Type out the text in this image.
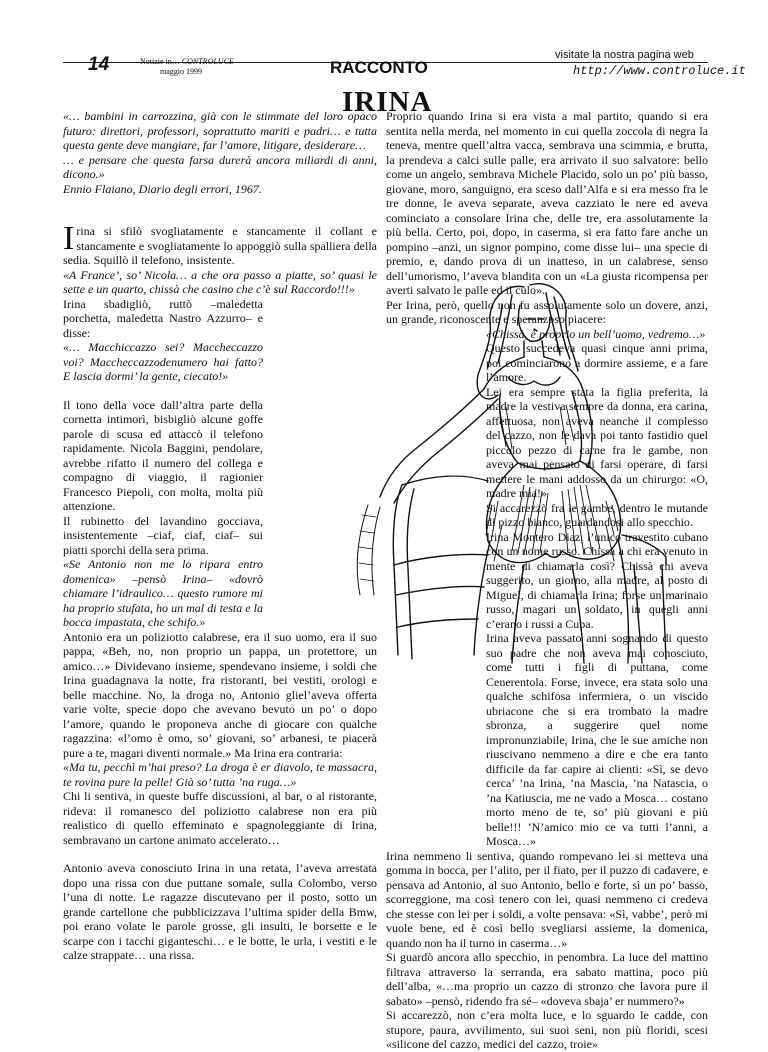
14	Notizie in… CONTROLUCE
maggio 1999	RACCONTO
visitate la nostra pagina web
http://www.controluce.it
IRINA

«… bambini in carrozzina, già con le stimmate del loro opaco futuro: direttori, professori, soprattutto mariti e padri… e tutta questa gente deve mangiare, far l’amore, litigare, desiderare…

… e pensare che questa farsa durerà ancora miliardi di anni, dicono.»

Ennio Flaiano, Diario degli errori, 1967.

Irina si sfilò svogliatamente e stancamente il collant e stancamente e svogliatamente lo appoggiò sulla spalliera della sedia. Squillò il telefono, insistente.

«A France’, so’ Nicola… a che ora passo a piatte, so’ quasi le sette e un quarto, chissà che casino che c’è sul Raccordo!!!»

Irina sbadigliò, ruttò –maledetta porchetta, maledetta Nastro Azzurro– e disse:

«… Macchiccazzo sei? Maccheccazzo voi? Maccheccazzodenumero hai fatto? E lascia dormi’ la gente, ciecato!»

Il tono della voce dall’altra parte della cornetta intimorì, bisbigliò alcune goffe parole di scusa ed attaccò il telefono rapidamente. Nicola Baggini, pendolare, avrebbe rifatto il numero del collega e compagno di viaggio, il ragionier Francesco Piepoli, con molta, molta più attenzione.

Il rubinetto del lavandino gocciava, insistentemente –ciaf, ciaf, ciaf– sui piatti sporchi della sera prima.

«Se Antonio non me lo ripara entro domenica» –pensò Irina– «dovrò chiamare l’idraulico… questo rumore mi ha proprio stufata, ho un mal di testa e la bocca impastata, che schifo.»

Antonio era un poliziotto calabrese, era il suo uomo, era il suo pappa, «Beh, no, non proprio un pappa, un protettore, un amico…» Dividevano insieme, spendevano insieme, i soldi che Irina guadagnava la notte, fra ristoranti, bei vestiti, orologi e belle macchine. No, la droga no, Antonio gliel’aveva offerta varie volte, specie dopo che avevano bevuto un po’ o dopo l’amore, quando le proponeva anche di giocare con qualche ragazzina: «l’omo è omo, so’ giovani, so’ arbanesi, te piacerà pure a te, magari diventi normale.» Ma Irina era contraria:

«Ma tu, pecchì m’hai preso? La droga è er diavolo, te massacra, te rovina pure la pelle! Già so’ tutta ’na ruga…»

Chi li sentiva, in queste buffe discussioni, al bar, o al ristorante, rideva: il romanesco del poliziotto calabrese non era più realistico di quello effeminato e spagnoleggiante di Irina, sembravano un cartone animato accelerato…

Antonio aveva conosciuto Irina in una retata, l’aveva arrestata dopo una rissa con due puttane somale, sulla Colombo, verso l’una di notte. Le ragazze discutevano per il posto, sotto un grande cartellone che pubblicizzava l’ultima spider della Bmw, poi erano volate le parole grosse, gli insulti, le borsette e le scarpe con i tacchi giganteschi… e le botte, le urla, i vestiti e le calze strappate… una rissa.

Proprio quando Irina si era vista a mal partito, quando si era sentita nella merda, nel momento in cui quella zoccola di negra la teneva, mentre quell’altra vacca, sembrava una scimmia, e brutta, la prendeva a calci sulle palle, era arrivato il suo salvatore: bello come un angelo, sembrava Michele Placido, solo un po’ più basso, giovane, moro, sanguigno, era sceso dall’Alfa e si era messo fra le tre donne, le aveva separate, aveva cazziato le nere ed aveva cominciato a consolare Irina che, delle tre, era assolutamente la più bella. Certo, poi, dopo, in caserma, si era fatto fare anche un pompino –anzi, un signor pompino, come disse lui– una specie di premio, e, dando prova di un inatteso, in un calabrese, senso dell’umorismo, l’aveva blandita con un «La giusta ricompensa per averti salvato le palle ed il culo».

Per Irina, però, quello non fu assolutamente solo un dovere, anzi, un grande, riconoscente e speranzoso piacere:

«Chissà, è proprio un bell’uomo, vedremo…»

Questo succedeva quasi cinque anni prima, poi cominciarono a dormire assieme, e a fare l’amore.

Lei era sempre stata la figlia preferita, la madre la vestiva sempre da donna, era carina, affettuosa, non aveva neanche il complesso del cazzo, non le dava poi tanto fastidio quel piccolo pezzo di carne fra le gambe, non aveva mai pensato di farsi operare, di farsi mettere le mani addosso da un chirurgo: «O, madre mia!»

Si accarezzò fra le gambe, dentro le mutande di pizzo bianco, guardandosi allo specchio.

Irina Montero Diaz, l’unico travestito cubano con un nome russo. Chissà a chi era venuto in mente di chiamarla così? Chissà chi aveva suggerito, un giorno, alla madre, al posto di Miguel, di chiamarla Irina; forse un marinaio russo, magari un soldato, in quegli anni c’erano i russi a Cuba.

Irina aveva passato anni sognando di questo suo padre che non aveva mai conosciuto, come tutti i figli di puttana, come Cenerentola. Forse, invece, era stata solo una qualche schifosa infermiera, o un viscido ubriacone che si era trombato la madre sbronza, a suggerire quel nome impronunziabile, Irina, che le sue amiche non riuscivano nemmeno a dire e che era tanto difficile da far capire ai clienti: «Sì, se devo cerca’ ’na Irina, ’na Mascia, ’na Natascia, o ’na Katiuscia, me ne vado a Mosca… costano morto meno de te, so’ più giovani e più belle!!! ’N’amico mio ce va tutti l’anni, a Mosca…»

Irina nemmeno li sentiva, quando rompevano lei si metteva una gomma in bocca, per l’alito, per il fiato, per il puzzo di cadavere, e pensava ad Antonio, al suo Antonio, bello e forte, sì un po’ basso, scorreggione, ma così tenero con lei, quasi nemmeno ci credeva che stesse con lei per i soldi, a volte pensava: «Sì, vabbe’, però mi vuole bene, ed è così bello svegliarsi assieme, la domenica, quando non ha il turno in caserma…»

Si guardò ancora allo specchio, in penombra. La luce del mattino filtrava attraverso la serranda, era sabato mattina, poco più dell’alba, «…ma proprio un cazzo di stronzo che lavora pure il sabato» –pensò, ridendo fra sé– «doveva sbaja’ er nummero?»

Si accarezzò, non c’era molta luce, e lo sguardo le cadde, con stupore, paura, avvilimento, sui suoi seni, non più floridi, scesi «silicone del cazzo, medici del cazzo, troie»
